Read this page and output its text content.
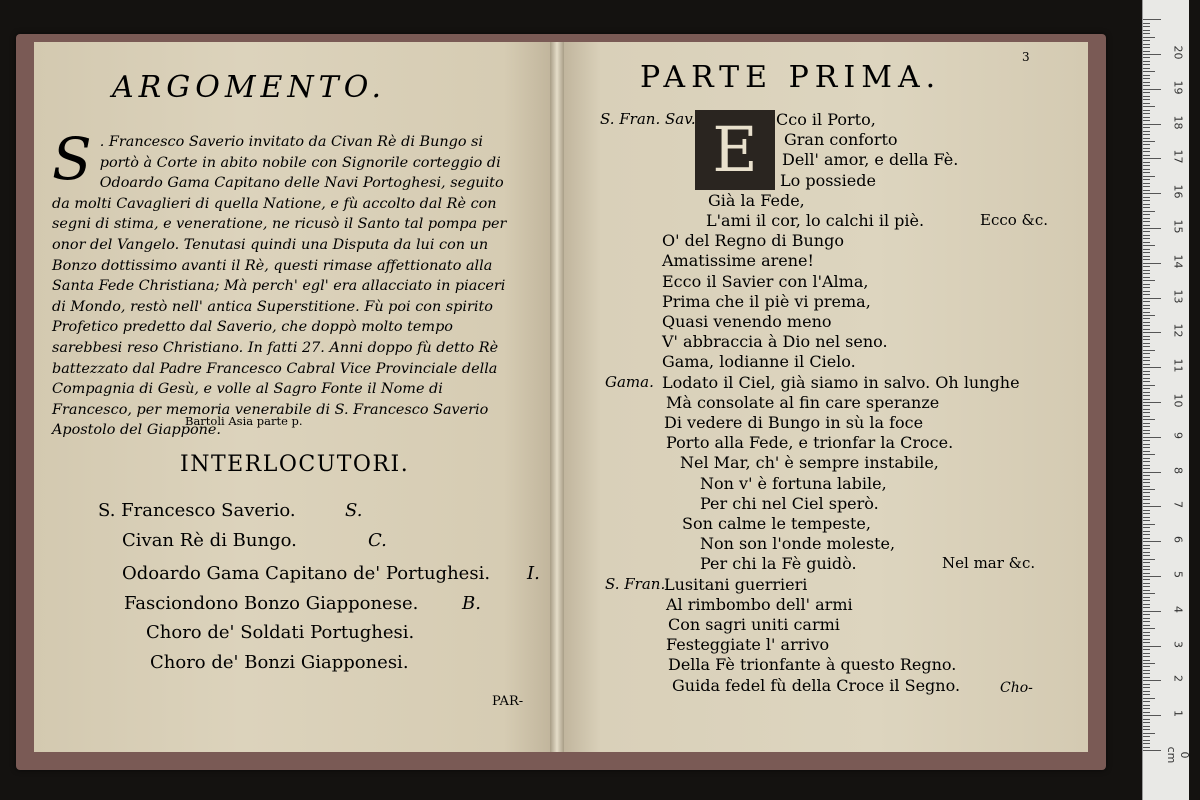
ARGOMENTO.
S . Francesco Saverio invitato da Civan Rè di Bungo si portò à Corte in abito nobile con Signorile corteggio di Odoardo Gama Capitano delle Navi Portoghesi, seguito da molti Cavaglieri di quella Natione, e fù accolto dal Rè con segni di stima, e veneratione, ne ricusò il Santo tal pompa per onor del Vangelo. Tenutasi quindi una Disputa da lui con un Bonzo dottissimo avanti il Rè, questi rimase affettionato alla Santa Fede Christiana; Mà perch' egl' era allacciato in piaceri di Mondo, restò nell' antica Superstitione. Fù poi con spirito Profetico predetto dal Saverio, che doppò molto tempo sarebbesi reso Christiano. In fatti 27. Anni doppo fù detto Rè battezzato dal Padre Francesco Cabral Vice Provinciale della Compagnia di Gesù, e volle al Sagro Fonte il Nome di Francesco, per memoria venerabile di S. Francesco Saverio Apostolo del Giappone.
Bartoli Asia parte p.
INTERLOCUTORI.
S. Francesco Saverio.	S.
Civan Rè di Bungo.	C.
Odoardo Gama Capitano de' Portughesi. I.
Fasciondono Bonzo Giapponese. B.
Choro de' Soldati Portughesi.
Choro de' Bonzi Giapponesi.
PAR-
3
PARTE PRIMA.
E
S. Fran. Sav.	Cco il Porto,
Gran conforto
Dell' amor, e della Fè.
Lo possiede
Già la Fede,
L'ami il cor, lo calchi il piè.	Ecco &c.
O' del Regno di Bungo
Amatissime arene!
Ecco il Savier con l'Alma,
Prima che il piè vi prema,
Quasi venendo meno
V' abbraccia à Dio nel seno.
Gama, lodianne il Cielo.
Gama. Lodato il Ciel, già siamo in salvo. Oh lunghe
Mà consolate al fin care speranze
Di vedere di Bungo in sù la foce
Porto alla Fede, e trionfar la Croce.
Nel Mar, ch' è sempre instabile,
Non v' è fortuna labile,
Per chi nel Ciel sperò.
Son calme le tempeste,
Non son l'onde moleste,
Per chi la Fè guidò.	Nel mar &c.
S. Fran.
Lusitani guerrieri
Al rimbombo dell' armi
Con sagri uniti carmi
Festeggiate l' arrivo
Della Fè trionfante à questo Regno.
Guida fedel fù della Croce il Segno.	Cho-
0 cm
1
2
3
4
5
6
7
8
9
10
11
12
13
14
15
16
17
18
19
20
